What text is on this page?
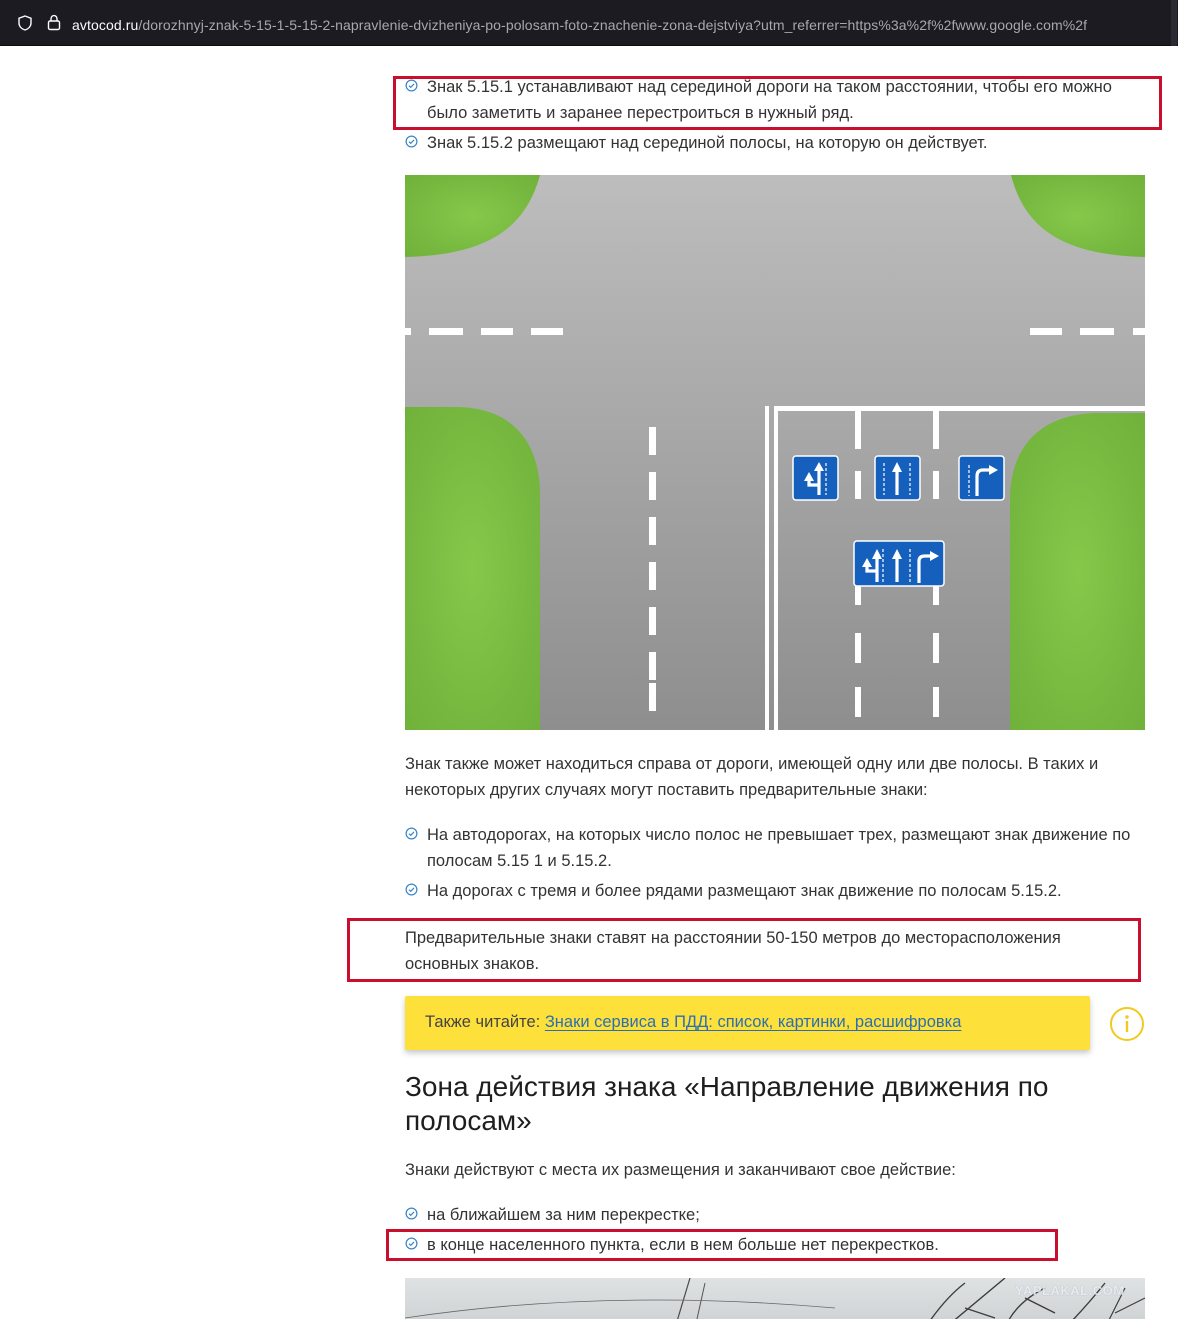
avtocod.ru/dorozhnyj-znak-5-15-1-5-15-2-napravlenie-dvizheniya-po-polosam-foto-znachenie-zona-dejstviya?utm_referrer=https%3a%2f%2fwww.google.com%2f

Знак 5.15.1 устанавливают над серединой дороги на таком расстоянии, чтобы его можно было заметить и заранее перестроиться в нужный ряд.
Знак 5.15.2 размещают над серединой полосы, на которую он действует.
Знак также может находиться справа от дороги, имеющей одну или две полосы. В таких и некоторых других случаях могут поставить предварительные знаки:
На автодорогах, на которых число полос не превышает трех, размещают знак движение по полосам 5.15 1 и 5.15.2.
На дорогах с тремя и более рядами размещают знак движение по полосам 5.15.2.
Предварительные знаки ставят на расстоянии 50-150 метров до месторасположения основных знаков.
Также читайте: Знаки сервиса в ПДД: список, картинки, расшифровка
Зона действия знака «Направление движения по полосам»
Знаки действуют с места их размещения и заканчивают свое действие:
на ближайшем за ним перекрестке;
в конце населенного пункта, если в нем больше нет перекрестков.
YAPLAKAL.COM
